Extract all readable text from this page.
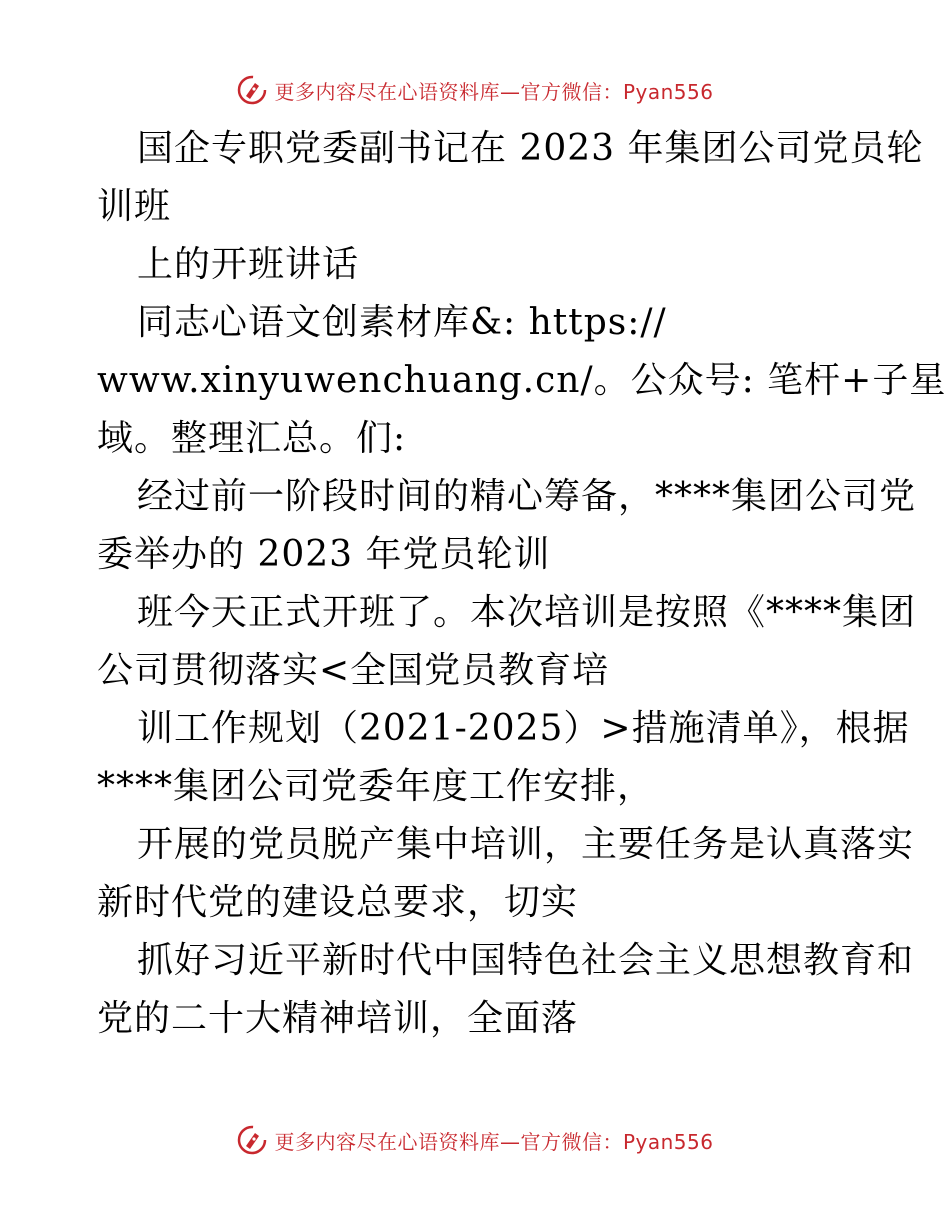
更多内容尽在心语资料库—官方微信：Pyan556
国企专职党委副书记在 2023 年集团公司党员轮
训班
上的开班讲话
同志心语文创素材库&: https://
www.xinyuwenchuang.cn/。公众号: 笔杆+子星
域。整理汇总。们:
经过前一阶段时间的精心筹备，****集团公司党
委举办的 2023 年党员轮训
班今天正式开班了。本次培训是按照《****集团
公司贯彻落实<全国党员教育培
训工作规划（2021-2025）>措施清单》，根据
****集团公司党委年度工作安排，
开展的党员脱产集中培训，主要任务是认真落实
新时代党的建设总要求，切实
抓好习近平新时代中国特色社会主义思想教育和
党的二十大精神培训，全面落
更多内容尽在心语资料库—官方微信：Pyan556
